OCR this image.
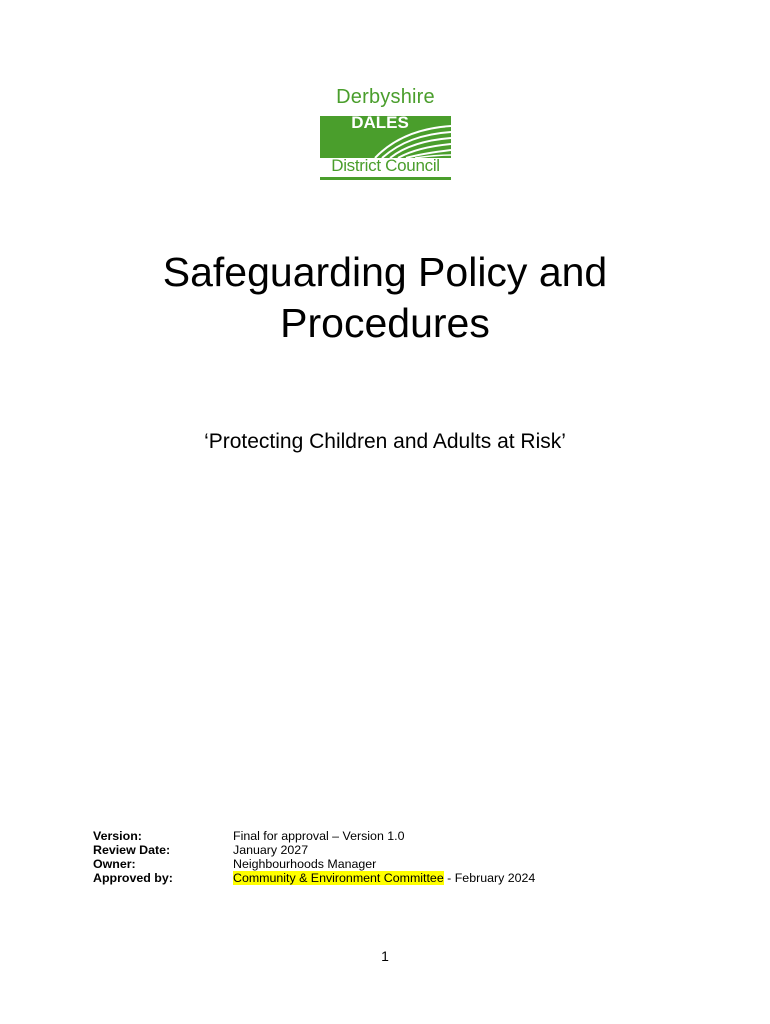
Derbyshire
DALES
District Council
Safeguarding Policy and
Procedures
‘Protecting Children and Adults at Risk’
Version:	Final for approval – Version 1.0
Review Date:	January 2027
Owner:	Neighbourhoods Manager
Approved by:	Community & Environment Committee - February 2024
1
